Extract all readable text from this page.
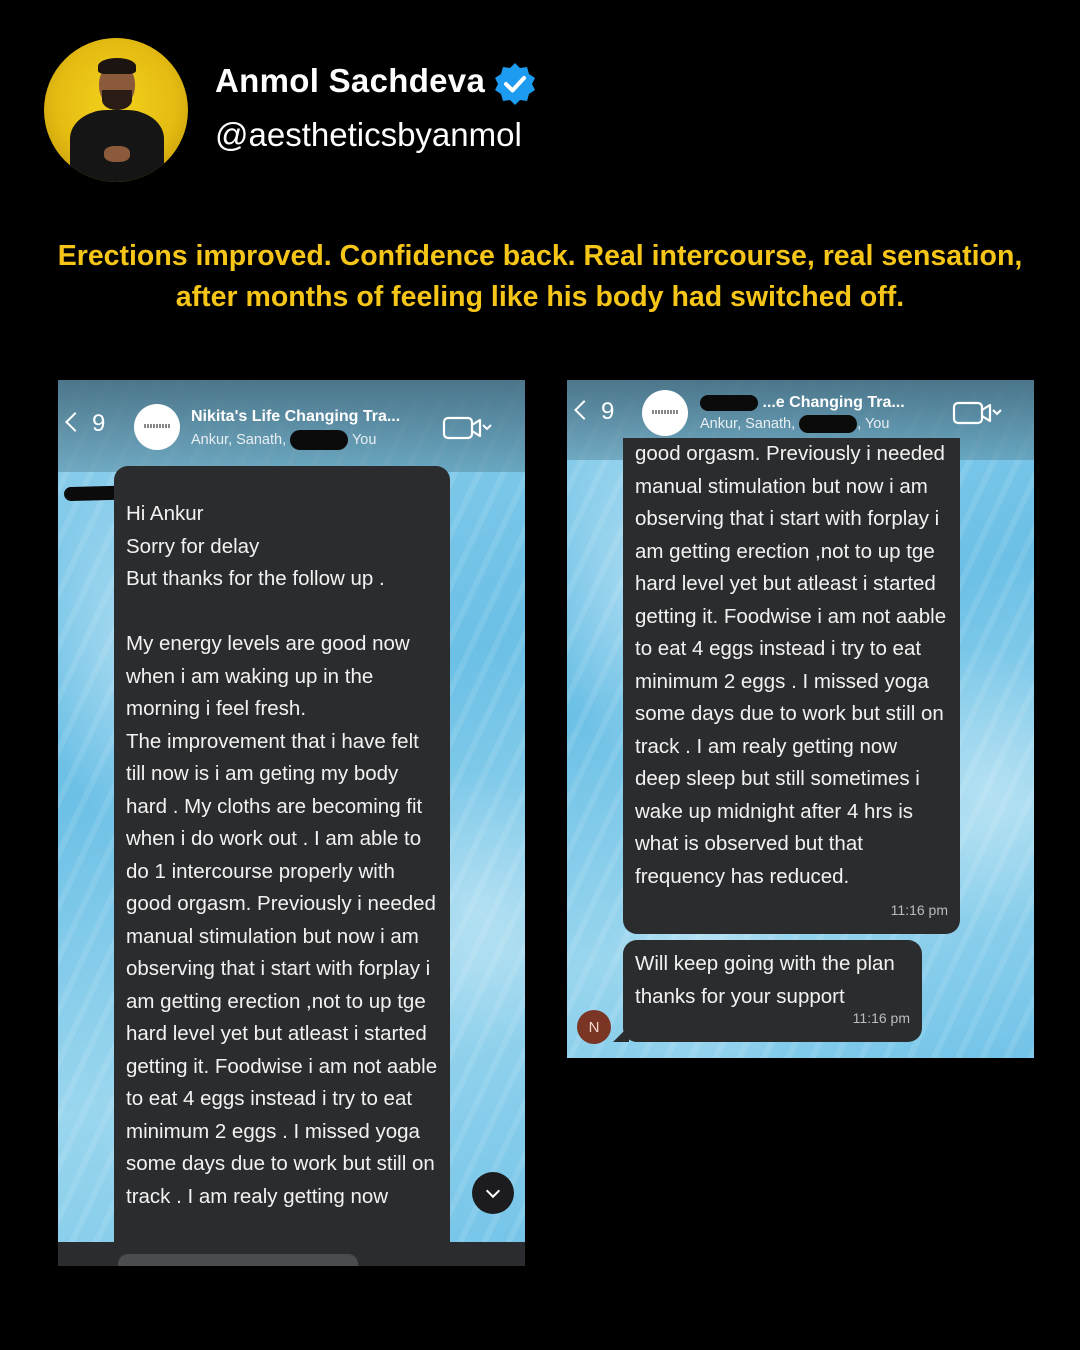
Anmol Sachdeva
@aestheticsbyanmol
Erections improved. Confidence back. Real intercourse, real sensation, after months of feeling like his body had switched off.
9	Nikita's Life Changing Tra...
Ankur, Sanath,	You

Hi Ankur
Sorry for delay
But thanks for the follow up .

My energy levels are good now when i am waking up in the morning i feel fresh.
The improvement that i have felt till now is i am geting my body hard . My cloths are becoming fit when i do work out . I am able to do 1 intercourse properly with good orgasm. Previously i needed manual stimulation but now i am observing that i start with forplay i am getting erection ,not to up tge hard level yet but atleast i started getting it. Foodwise i am not aable to eat 4 eggs instead i try to eat minimum 2 eggs . I missed yoga some days due to work but still on track . I am realy getting now

9	...e Changing Tra...
Ankur, Sanath,	, You

good orgasm. Previously i needed manual stimulation but now i am observing that i start with forplay i am getting erection ,not to up tge hard level yet but atleast i started getting it. Foodwise i am not aable to eat 4 eggs instead i try to eat minimum 2 eggs . I missed yoga some days due to work but still on track . I am realy getting now deep sleep but still sometimes i wake up midnight after 4 hrs is what is observed but that frequency has reduced.

11:16 pm

Will keep going with the plan thanks for your support

11:16 pm
N
